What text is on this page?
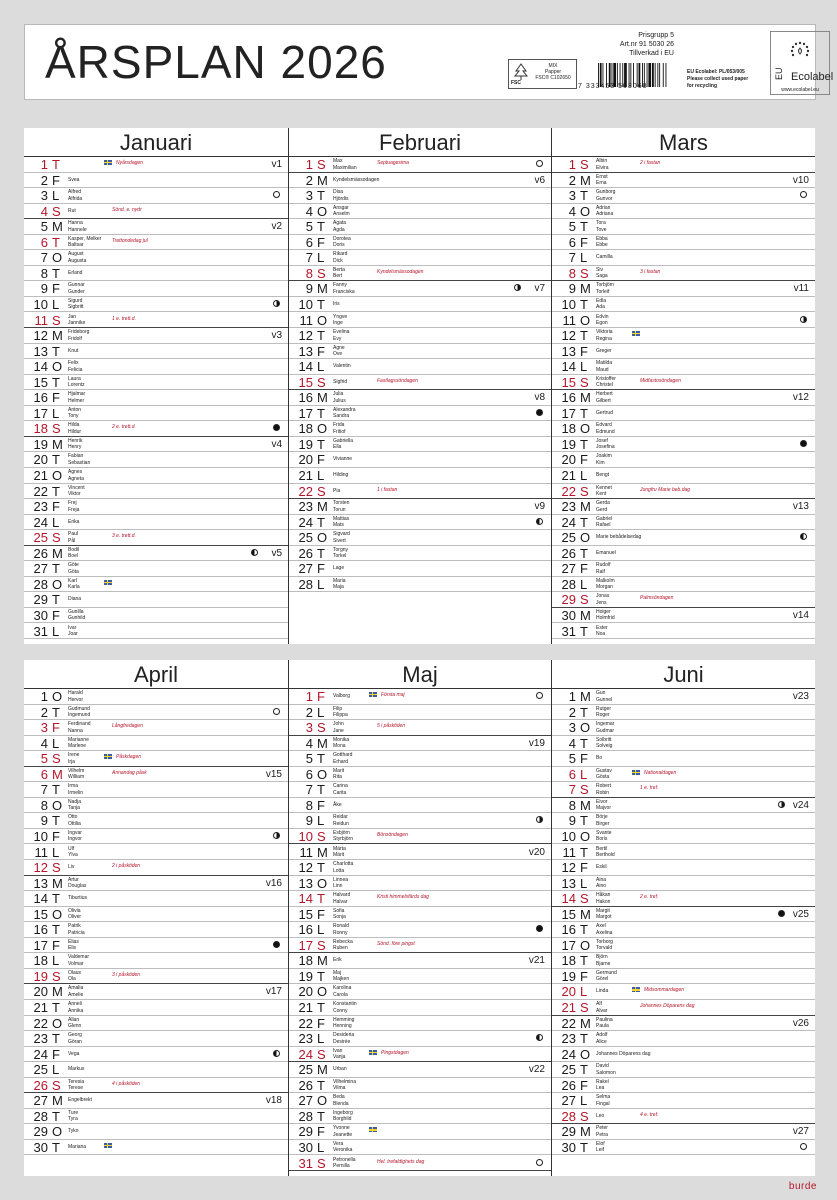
ÅRSPLAN 2026	FSC
MIX
Papper
FSC® C102650
Prisgrupp 5
Art.nr 91 5030 26
Tillverkad i EU
7 333453 503068
EU Ecolabel: PL/053/005
Please collect used paper
for recycling
EU Ecolabel
www.ecolabel.eu
Januari
1 T	Nyårsdagen	v1
2 F	Svea
3 L	Alfred
Alfrida
4 S	Rut	Sönd. e. nydr
5 M	Hanna
Hannele	v2
6 T	Kasper, Melker
Baltsar
Trettondedag jul
7 O	August
Augusta
8 T	Erland
9 F	Gunnar
Gunder
10 L	Sigurd
Sigbritt
11 S	Jan
Jannike
1 e. trett.d.
12 M	Frideborg
Fridolf	v3
13 T	Knut
14 O	Felix
Felicia
15 T	Laura
Lorentz
16 F	Hjalmar
Helmer
17 L	Anton
Tony
18 S	Hilda
Hildur
2 e. trett.d.
19 M	Henrik
Henry	v4
20 T	Fabian
Sebastian
21 O	Agnes
Agneta
22 T	Vincent
Viktor
23 F	Frej
Freja
24 L	Erika
25 S	Paul
Pål
3 e. trett.d.
26 M	Bodil
Boel	v5
27 T	Göte
Göta
28 O	Karl
Karla
29 T	Diana
30 F	Gunilla
Gunhild
31 L	Ivar
Joar
Februari
1 S	Max
Maximilian
Septuagesima
2 M	Kyndelsmässodagen	v6
3 T	Disa
Hjördis
4 O	Ansgar
Anselm
5 T	Agata
Agda
6 F	Dorotea
Doris
7 L	Rikard
Dick
8 S	Berta
Bert
Kyndelsmässodagen
9 M	Fanny
Franciska	v7
10 T	Iris
11 O	Yngve
Inge
12 T	Evelina
Evy
13 F	Agne
Ove
14 L	Valentin
15 S	Sigfrid	Fastlagssöndagen
16 M	Julia
Julius	v8
17 T	Alexandra
Sandra
18 O	Frida
Fritiof
19 T	Gabriella
Ella
20 F	Vivianne
21 L	Hilding
22 S	Pia	1 i fastan
23 M	Torsten
Torun	v9
24 T	Mattias
Mats
25 O	Sigvard
Sivert
26 T	Torgny
Torkel
27 F	Lage
28 L	Maria
Maja
Mars
1 S	Albin
Elvira
2 i fastan
2 M	Ernst
Erna	v10
3 T	Gunborg
Gunvor
4 O	Adrian
Adriana
5 T	Tora
Tove
6 F	Ebba
Ebbe
7 L	Camilla
8 S	Siv
Saga
3 i fastan
9 M	Torbjörn
Torleif	v11
10 T	Edla
Ada
11 O	Edvin
Egon
12 T	Viktoria
Regina
13 F	Greger
14 L	Matilda
Maud
15 S	Kristoffer
Christel
Midfastosöndagen
16 M	Herbert
Gilbert	v12
17 T	Gertrud
18 O	Edvard
Edmund
19 T	Josef
Josefina
20 F	Joakim
Kim
21 L	Bengt
22 S	Kennet
Kent
Jungfru Marie beb.dag
23 M	Gerda
Gerd	v13
24 T	Gabriel
Rafael
25 O	Marie bebådelsedag
26 T	Emanuel
27 F	Rudolf
Ralf
28 L	Malkolm
Morgan
29 S	Jonas
Jens
Palmsöndagen
30 M	Holger
Holmfrid	v14
31 T	Ester
Noa
April
1 O	Harald
Hervor
2 T	Gudmund
Ingemund
3 F	Ferdinand
Nanna
Långfredagen
4 L	Marianne
Marlene
5 S	Irene
Irja
Påskdagen
6 M	Vilhelm
William
Annandag påsk	v15
7 T	Irma
Irmelin
8 O	Nadja
Tanja
9 T	Otto
Ottilia
10 F	Ingvar
Ingvor
11 L	Ulf
Ylva
12 S	Liv	2 i påsktiden
13 M	Artur
Douglas	v16
14 T	Tiburtius
15 O	Olivia
Oliver
16 T	Patrik
Patricia
17 F	Elias
Elis
18 L	Valdemar
Volmar
19 S	Olaus
Ola
3 i påsktiden
20 M	Amalia
Amelie	v17
21 T	Anneli
Annika
22 O	Allan
Glenn
23 T	Georg
Göran
24 F	Vega
25 L	Markus
26 S	Teresia
Terese
4 i påsktiden
27 M	Engelbrekt	v18
28 T	Ture
Tyra
29 O	Tyko
30 T	Mariana
Maj
1 F	Valborg	Första maj
2 L	Filip
Filippa
3 S	John
Jane
5 i påsktiden
4 M	Monika
Mona	v19
5 T	Gotthard
Erhard
6 O	Marit
Rita
7 T	Carina
Carita
8 F	Åke
9 L	Reidar
Reidun
10 S	Esbjörn
Styrbjörn
Bönsöndagen
11 M	Märta
Märit	v20
12 T	Charlotta
Lotta
13 O	Linnea
Linn
14 T	Halvard
Halvar
Kristi himmelsfärds dag
15 F	Sofia
Sonja
16 L	Ronald
Ronny
17 S	Rebecka
Ruben
Sönd. före pingst
18 M	Erik	v21
19 T	Maj
Majken
20 O	Karolina
Carola
21 T	Konstantin
Conny
22 F	Hemming
Henning
23 L	Desideria
Desirée
24 S	Ivan
Vanja
Pingstdagen
25 M	Urban	v22
26 T	Vilhelmina
Vilma
27 O	Beda
Blenda
28 T	Ingeborg
Borghild
29 F	Yvonne
Jeanette
30 L	Vera
Veronika
31 S	Petronella
Pernilla
Hel. trefaldighets dag
Juni
1 M	Gun
Gunnel	v23
2 T	Rutger
Roger
3 O	Ingemar
Gudmar
4 T	Solbritt
Solveig
5 F	Bo
6 L	Gustav
Gösta
Nationaldagen
7 S	Robert
Robin
1 e. tref.
8 M	Eivor
Majvor	v24
9 T	Börje
Birger
10 O	Svante
Boris
11 T	Bertil
Berthold
12 F	Eskil
13 L	Aina
Aino
14 S	Håkan
Hakon
2 e. tref.
15 M	Margit
Margot	v25
16 T	Axel
Axelina
17 O	Torborg
Torvald
18 T	Björn
Bjarne
19 F	Germund
Görel
20 L	Linda	Midsommardagen
21 S	Alf
Alvar
Johannes Döparens dag
22 M	Paulina
Paula	v26
23 T	Adolf
Alice
24 O	Johannes Döparens dag
25 T	David
Salomon
26 F	Rakel
Lea
27 L	Selma
Fingal
28 S	Leo	4 e. tref.
29 M	Peter
Petra	v27
30 T	Elof
Leif
burde
